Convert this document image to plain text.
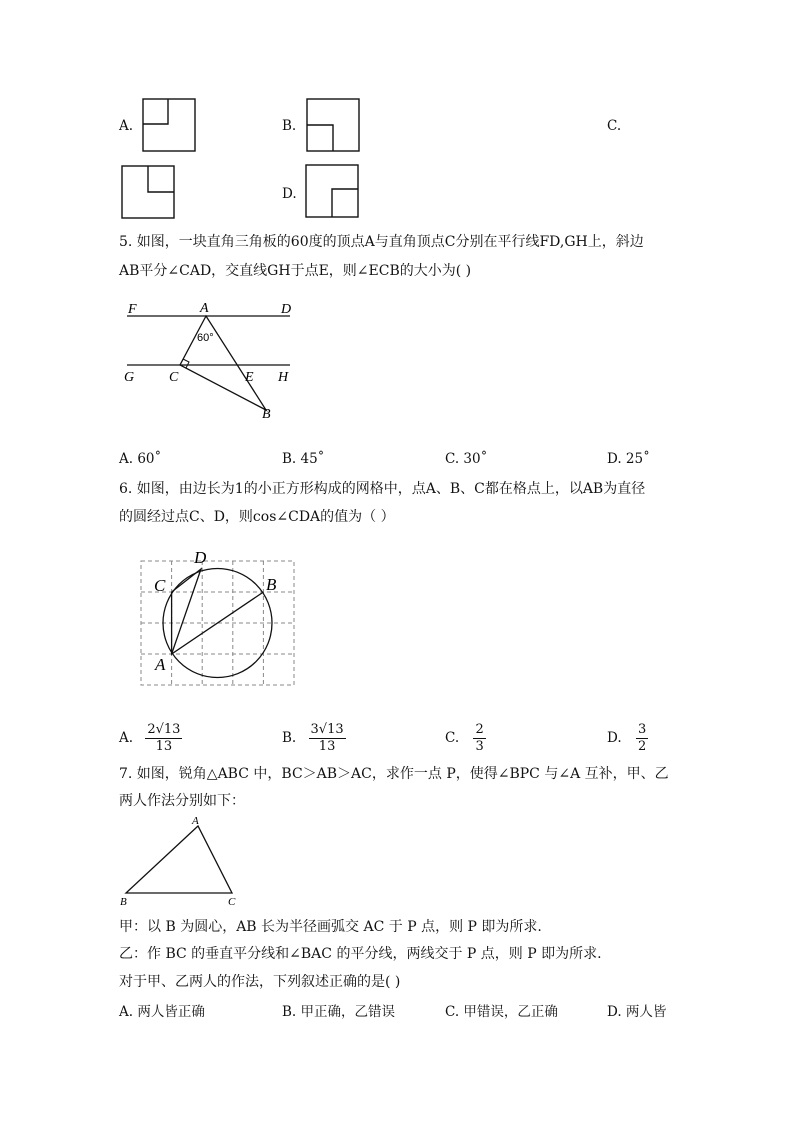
A.	B.	C.
D.
5. 如图，一块直角三角板的60度的顶点A与直角顶点C分别在平行线FD,GH上，斜边
AB平分∠CAD，交直线GH于点E，则∠ECB的大小为( )
F	A	D
60°
G C	E H
B
A. 60˚	B. 45˚	C. 30˚	D. 25˚
6. 如图，由边长为1的小正方形构成的网格中，点A、B、C都在格点上，以AB为直径
的圆经过点C、D，则cos∠CDA的值为（ ）
C
D
B
A
A. $\frac{2√13}{13}$	B. $\frac{3√13}{13}$	C. $\frac{2}{3}$	D. $\frac{3}{2}$
7. 如图，锐角△ABC 中，BC＞AB＞AC，求作一点 P，使得∠BPC 与∠A 互补，甲、乙
两人作法分别如下：
A
B	C
甲：以 B 为圆心，AB 长为半径画弧交 AC 于 P 点，则 P 即为所求.
乙：作 BC 的垂直平分线和∠BAC 的平分线，两线交于 P 点，则 P 即为所求.
对于甲、乙两人的作法，下列叙述正确的是( )
A. 两人皆正确	B. 甲正确，乙错误	C. 甲错误，乙正确	D. 两人皆
